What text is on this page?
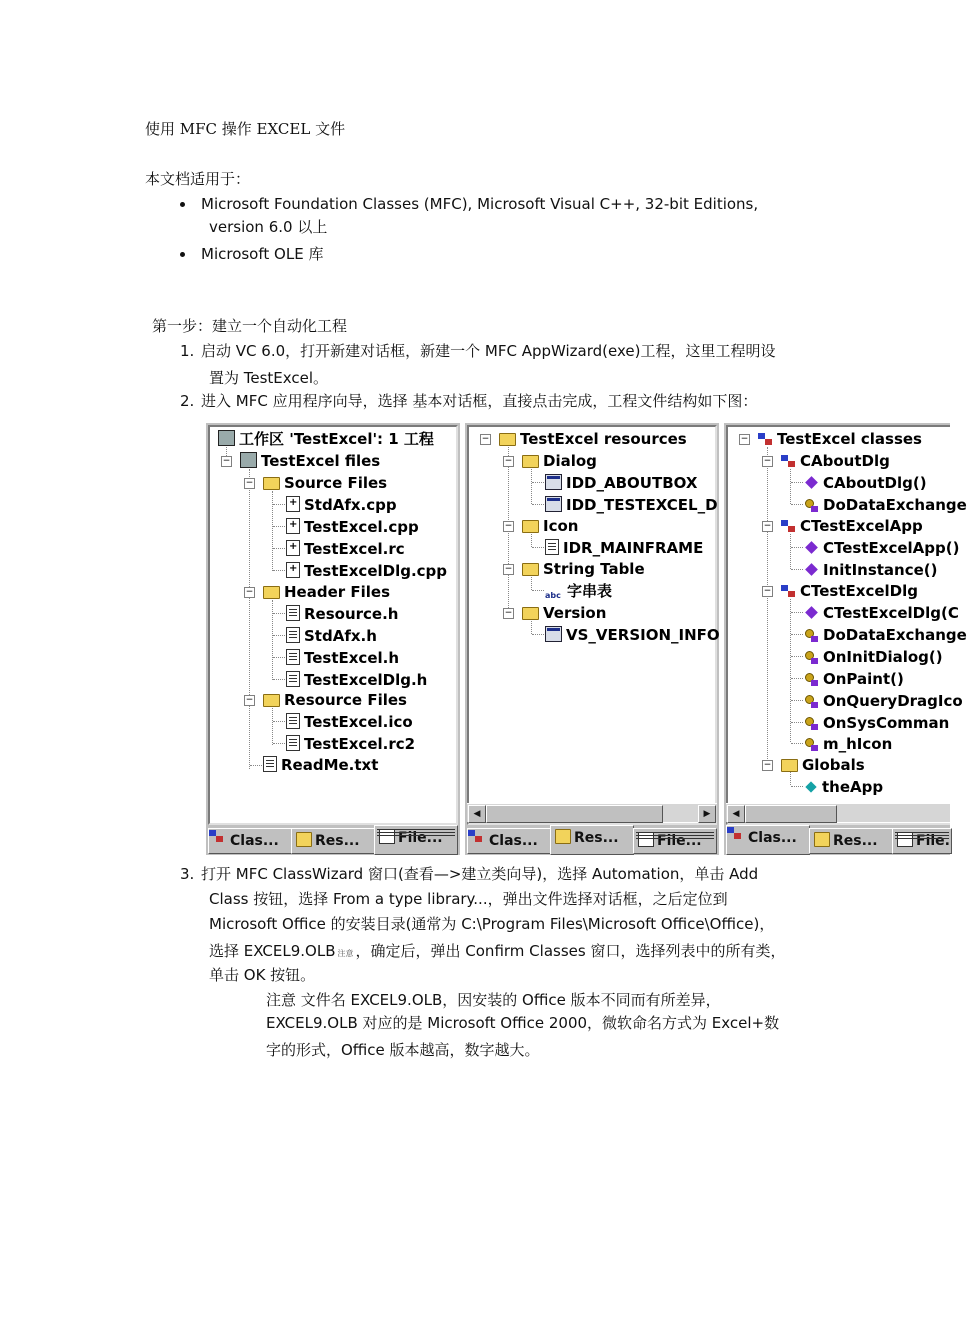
使用 MFC 操作 EXCEL 文件
本文档适用于：
Microsoft Foundation Classes (MFC), Microsoft Visual C++, 32-bit Editions,
version 6.0 以上
Microsoft OLE 库
第一步：建立一个自动化工程
1. 启动 VC 6.0，打开新建对话框，新建一个 MFC AppWizard(exe)工程，这里工程明设
置为 TestExcel。
2. 进入 MFC 应用程序向导，选择 基本对话框，直接点击完成，工程文件结构如下图：
工作区 'TestExcel': 1 工程
−	TestExcel files
−	Source Files
+StdAfx.cpp
+TestExcel.cpp
+TestExcel.rc
+TestExcelDlg.cpp
−	Header Files
Resource.h
StdAfx.h
TestExcel.h
TestExcelDlg.h
−	Resource Files
TestExcel.ico
TestExcel.rc2
ReadMe.txt
Clas...	Res...	File...
−	TestExcel resources
−	Dialog
IDD_ABOUTBOX
IDD_TESTEXCEL_D
−	Icon
IDR_MAINFRAME
−	String Table
abc 字串表
−	Version
VS_VERSION_INFO
◀	▶
Clas...	Res...	File...
−	TestExcel classes
−	CAboutDlg
CAboutDlg()
DoDataExchange
−	CTestExcelApp
CTestExcelApp()
InitInstance()
−	CTestExcelDlg
CTestExcelDlg(C
DoDataExchange
OnInitDialog()
OnPaint()
OnQueryDragIco
OnSysComman
m_hIcon
−	Globals
theApp
◀
Clas...	Res...	File.
3. 打开 MFC ClassWizard 窗口(查看—>建立类向导)，选择 Automation，单击 Add
Class 按钮，选择 From a type library...，弹出文件选择对话框，之后定位到
Microsoft Office 的安装目录(通常为 C:\Program Files\Microsoft Office\Office)，
选择 EXCEL9.OLB 注意 ，确定后，弹出 Confirm Classes 窗口，选择列表中的所有类，
单击 OK 按钮。
注意 文件名 EXCEL9.OLB，因安装的 Office 版本不同而有所差异，
EXCEL9.OLB 对应的是 Microsoft Office 2000，微软命名方式为 Excel+数
字的形式，Office 版本越高，数字越大。
